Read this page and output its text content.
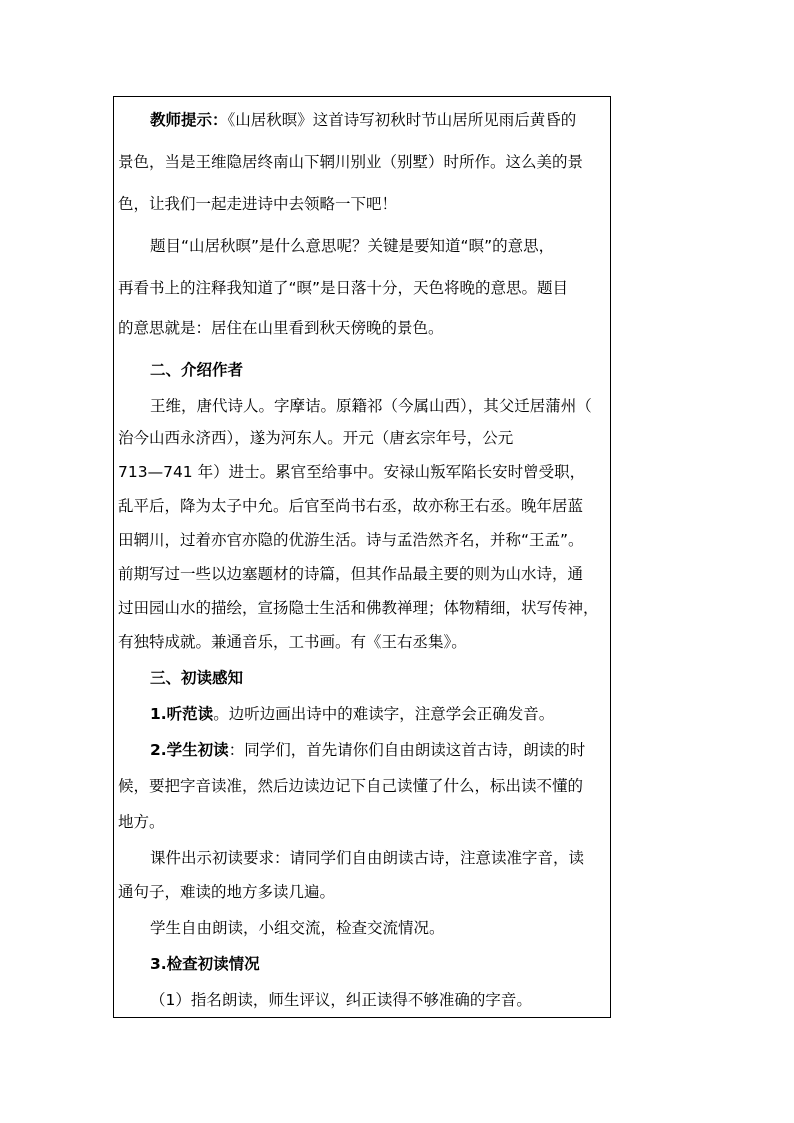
教师提示：《山居秋暝》这首诗写初秋时节山居所见雨后黄昏的
景色，当是王维隐居终南山下辋川别业（别墅）时所作。这么美的景
色，让我们一起走进诗中去领略一下吧！
题目“山居秋暝”是什么意思呢？关键是要知道“暝”的意思，
再看书上的注释我知道了“暝”是日落十分，天色将晚的意思。题目
的意思就是：居住在山里看到秋天傍晚的景色。
二、介绍作者
王维，唐代诗人。字摩诘。原籍祁（今属山西），其父迁居蒲州（
治今山西永济西），遂为河东人。开元（唐玄宗年号，公元
713—741 年）进士。累官至给事中。安禄山叛军陷长安时曾受职，
乱平后，降为太子中允。后官至尚书右丞，故亦称王右丞。晚年居蓝
田辋川，过着亦官亦隐的优游生活。诗与孟浩然齐名，并称“王孟”。
前期写过一些以边塞题材的诗篇，但其作品最主要的则为山水诗，通
过田园山水的描绘，宣扬隐士生活和佛教禅理；体物精细，状写传神，
有独特成就。兼通音乐，工书画。有《王右丞集》。
三、初读感知
1.听范读。边听边画出诗中的难读字，注意学会正确发音。
2.学生初读：同学们，首先请你们自由朗读这首古诗，朗读的时
候，要把字音读准，然后边读边记下自己读懂了什么，标出读不懂的
地方。
课件出示初读要求：请同学们自由朗读古诗，注意读准字音，读
通句子，难读的地方多读几遍。
学生自由朗读，小组交流，检查交流情况。
3.检查初读情况
（1）指名朗读，师生评议，纠正读得不够准确的字音。
